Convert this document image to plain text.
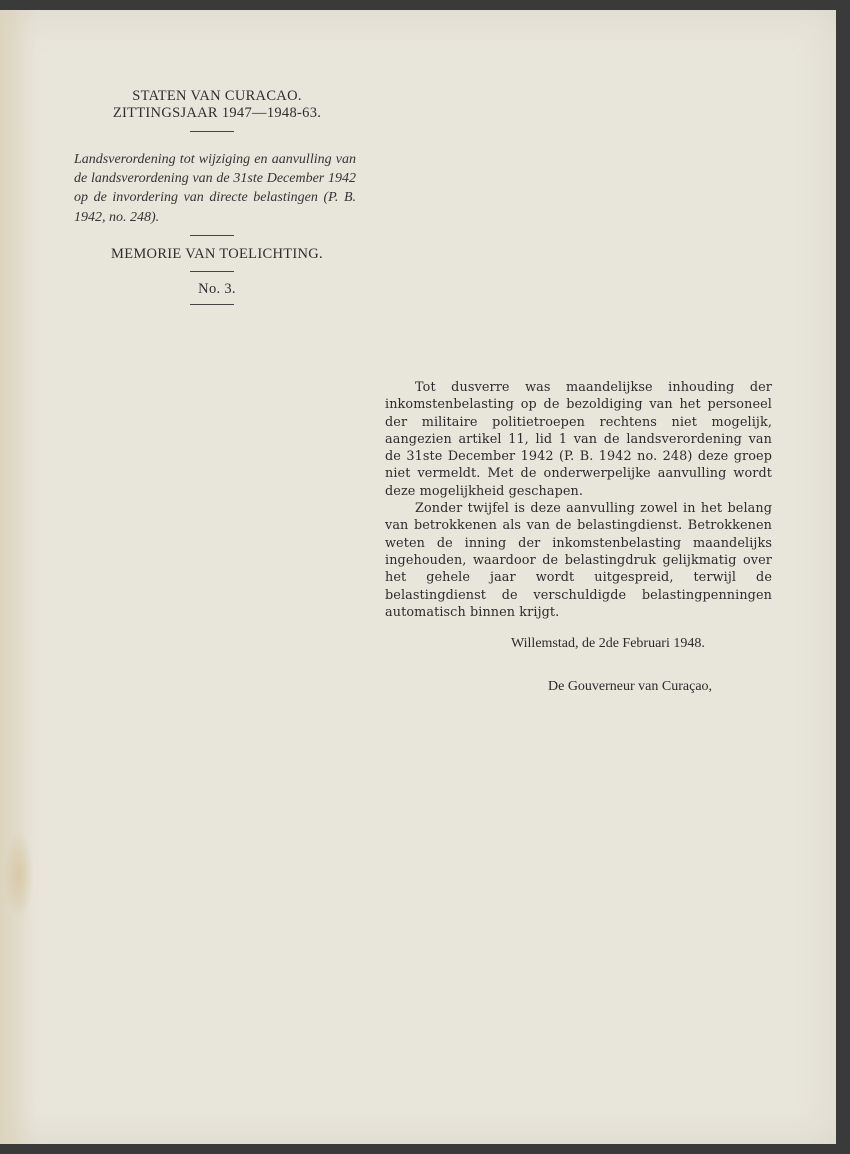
STATEN VAN CURACAO.
ZITTINGSJAAR 1947—1948-63.
Landsverordening tot wijziging en aanvulling van de landsverordening van de 31ste December 1942 op de invordering van directe belastingen (P. B. 1942, no. 248).
MEMORIE VAN TOELICHTING.
No. 3.

Tot dusverre was maandelijkse inhouding der inkomstenbelasting op de bezoldiging van het personeel der militaire politietroepen rechtens niet mogelijk, aangezien artikel 11, lid 1 van de landsverordening van de 31ste December 1942 (P. B. 1942 no. 248) deze groep niet vermeldt. Met de onderwerpelijke aanvulling wordt deze mogelijkheid geschapen.

Zonder twijfel is deze aanvulling zowel in het belang van betrokkenen als van de belastingdienst. Betrokkenen weten de inning der inkomstenbelasting maandelijks ingehouden, waardoor de belastingdruk gelijkmatig over het gehele jaar wordt uitgespreid, terwijl de belastingdienst de verschuldigde belastingpenningen automatisch binnen krijgt.

Willemstad, de 2de Februari 1948.
De Gouverneur van Curaçao,
